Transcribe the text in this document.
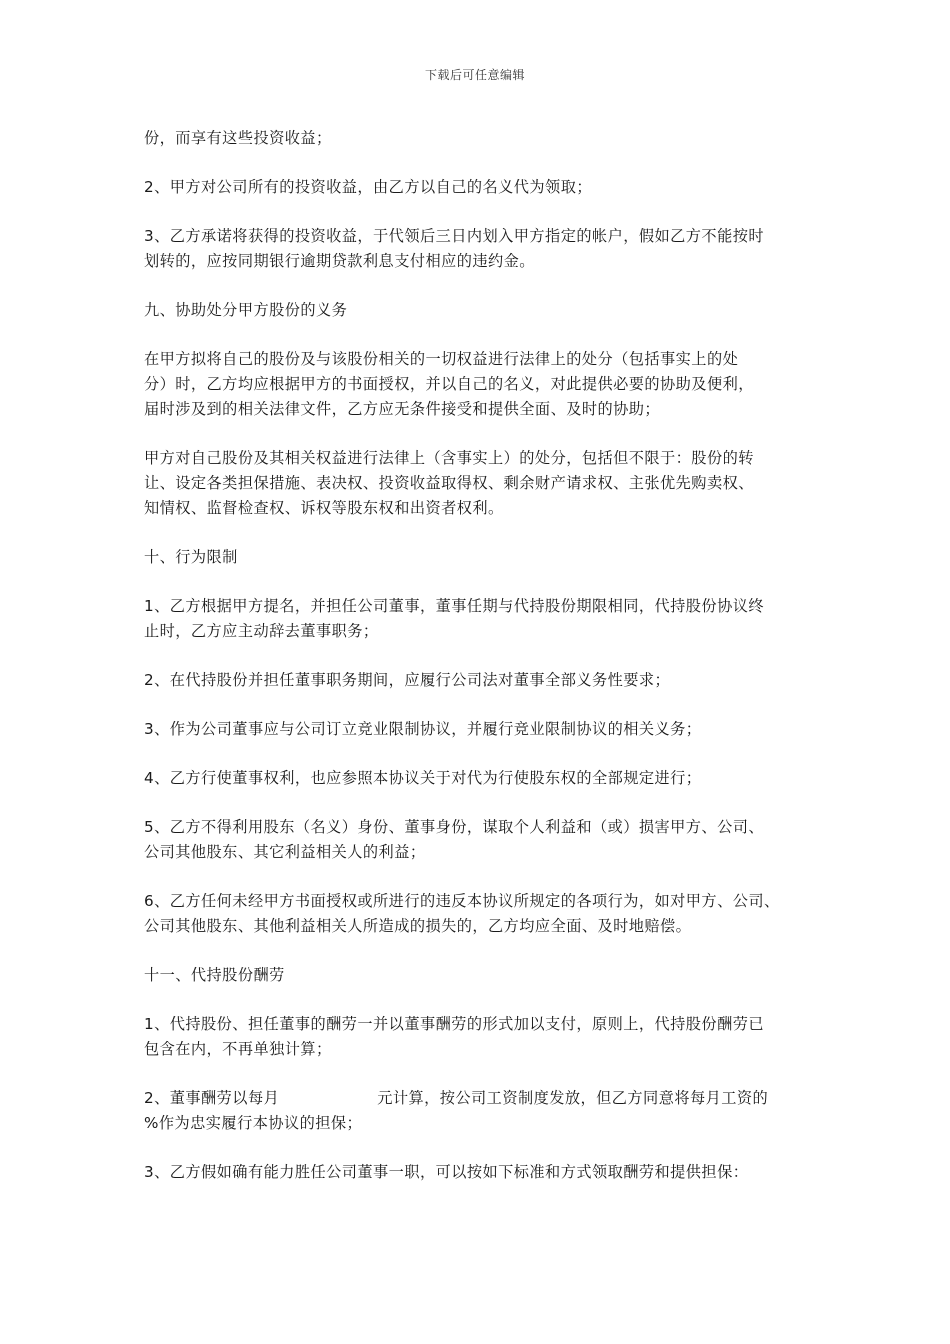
下载后可任意编辑
份，而享有这些投资收益；
2、甲方对公司所有的投资收益，由乙方以自己的名义代为领取；
3、乙方承诺将获得的投资收益，于代领后三日内划入甲方指定的帐户，假如乙方不能按时
划转的，应按同期银行逾期贷款利息支付相应的违约金。
九、协助处分甲方股份的义务
在甲方拟将自己的股份及与该股份相关的一切权益进行法律上的处分（包括事实上的处
分）时，乙方均应根据甲方的书面授权，并以自己的名义，对此提供必要的协助及便利，
届时涉及到的相关法律文件，乙方应无条件接受和提供全面、及时的协助；
甲方对自己股份及其相关权益进行法律上（含事实上）的处分，包括但不限于：股份的转
让、设定各类担保措施、表决权、投资收益取得权、剩余财产请求权、主张优先购卖权、
知情权、监督检查权、诉权等股东权和出资者权利。
十、行为限制
1、乙方根据甲方提名，并担任公司董事，董事任期与代持股份期限相同，代持股份协议终
止时，乙方应主动辞去董事职务；
2、在代持股份并担任董事职务期间，应履行公司法对董事全部义务性要求；
3、作为公司董事应与公司订立竞业限制协议，并履行竞业限制协议的相关义务；
4、乙方行使董事权利，也应参照本协议关于对代为行使股东权的全部规定进行；
5、乙方不得利用股东（名义）身份、董事身份，谋取个人利益和（或）损害甲方、公司、
公司其他股东、其它利益相关人的利益；
6、乙方任何未经甲方书面授权或所进行的违反本协议所规定的各项行为，如对甲方、公司、
公司其他股东、其他利益相关人所造成的损失的，乙方均应全面、及时地赔偿。
十一、代持股份酬劳
1、代持股份、担任董事的酬劳一并以董事酬劳的形式加以支付，原则上，代持股份酬劳已
包含在内，不再单独计算；
2、董事酬劳以每月	元计算，按公司工资制度发放，但乙方同意将每月工资的
%作为忠实履行本协议的担保；
3、乙方假如确有能力胜任公司董事一职，可以按如下标准和方式领取酬劳和提供担保：
